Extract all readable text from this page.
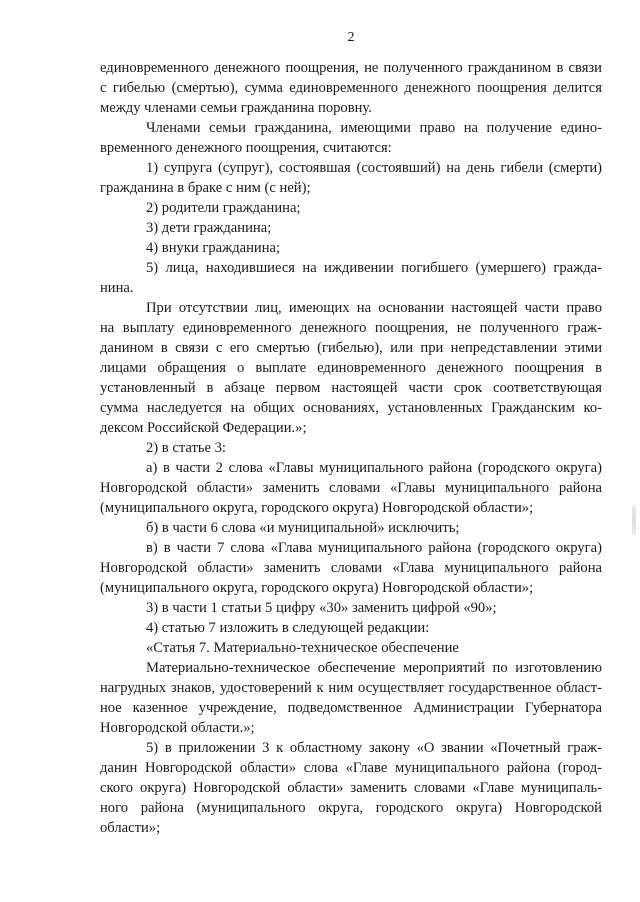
2
единовременного денежного поощрения, не полученного гражданином в связи
с гибелью (смертью), сумма единовременного денежного поощрения делится
между членами семьи гражданина поровну.
Членами семьи гражданина, имеющими право на получение едино-
временного денежного поощрения, считаются:
1) супруга (супруг), состоявшая (состоявший) на день гибели (смерти)
гражданина в браке с ним (с ней);
2) родители гражданина;
3) дети гражданина;
4) внуки гражданина;
5) лица, находившиеся на иждивении погибшего (умершего) гражда-
нина.
При отсутствии лиц, имеющих на основании настоящей части право
на выплату единовременного денежного поощрения, не полученного граж-
данином в связи с его смертью (гибелью), или при непредставлении этими
лицами обращения о выплате единовременного денежного поощрения в
установленный в абзаце первом настоящей части срок соответствующая
сумма наследуется на общих основаниях, установленных Гражданским ко-
дексом Российской Федерации.»;
2) в статье 3:
а) в части 2 слова «Главы муниципального района (городского округа)
Новгородской области» заменить словами «Главы муниципального района
(муниципального округа, городского округа) Новгородской области»;
б) в части 6 слова «и муниципальной» исключить;
в) в части 7 слова «Глава муниципального района (городского округа)
Новгородской области» заменить словами «Глава муниципального района
(муниципального округа, городского округа) Новгородской области»;
3) в части 1 статьи 5 цифру «30» заменить цифрой «90»;
4) статью 7 изложить в следующей редакции:
«Статья 7. Материально-техническое обеспечение
Материально-техническое обеспечение мероприятий по изготовлению
нагрудных знаков, удостоверений к ним осуществляет государственное област-
ное казенное учреждение, подведомственное Администрации Губернатора
Новгородской области.»;
5) в приложении 3 к областному закону «О звании «Почетный граж-
данин Новгородской области» слова «Главе муниципального района (город-
ского округа) Новгородской области» заменить словами «Главе муниципаль-
ного района (муниципального округа, городского округа) Новгородской
области»;
